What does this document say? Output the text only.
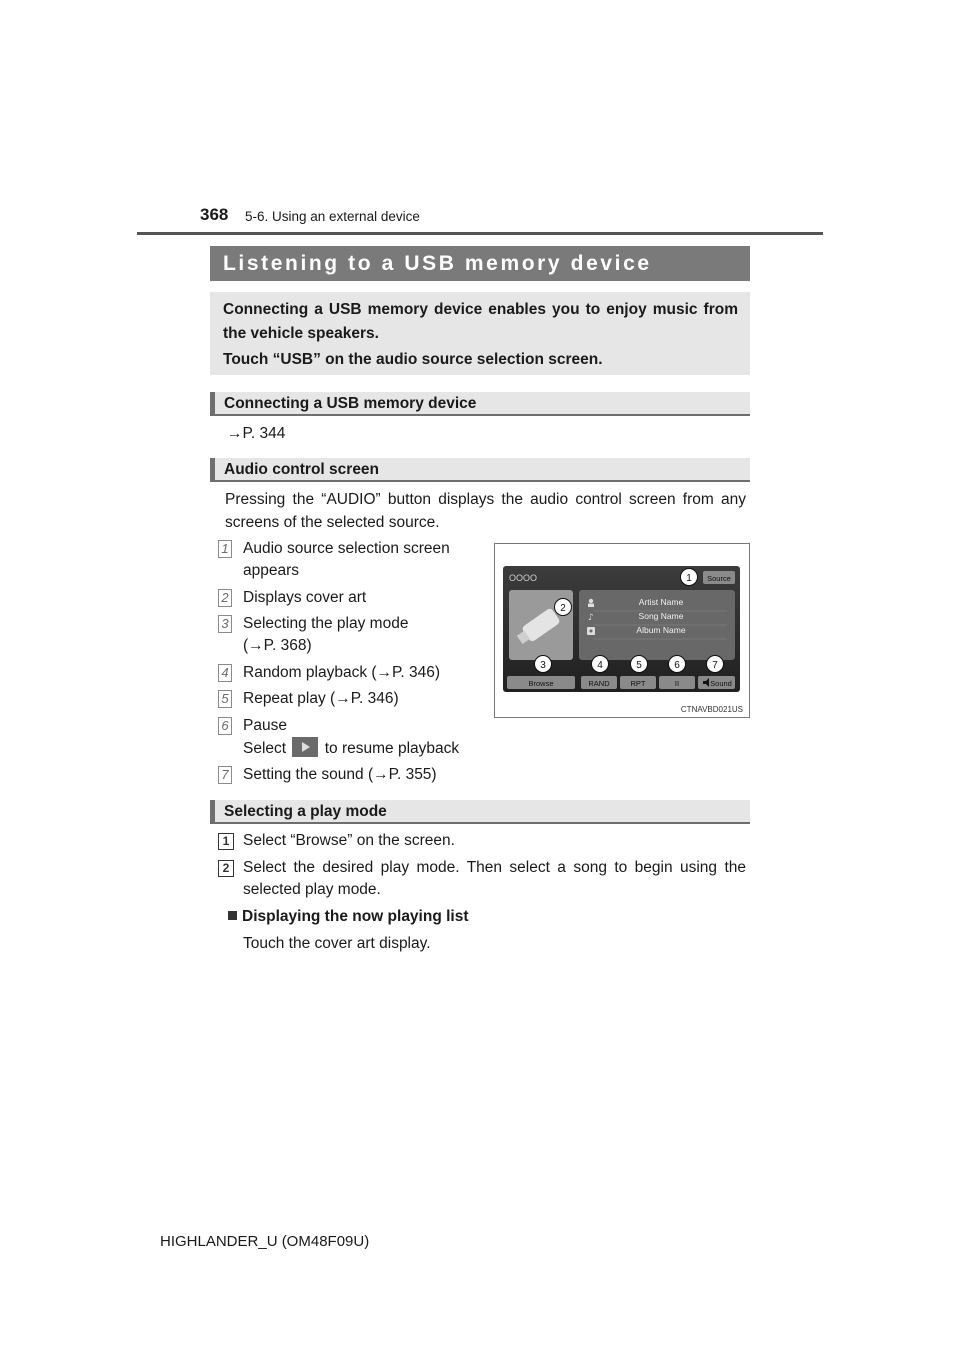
368 5-6. Using an external device
Listening to a USB memory device

Connecting a USB memory device enables you to enjoy music from the vehicle speakers.

Touch “USB” on the audio source selection screen.

Connecting a USB memory device
→P. 344
Audio control screen
Pressing the “AUDIO” button displays the audio control screen from any screens of the selected source.
1 Audio source selection screen
appears
2 Displays cover art
3 Selecting the play mode
(→P. 368)
4 Random playback (→P. 346)
5 Repeat play (→P. 346)
6 Pause
Select to resume playback
7 Setting the sound (→P. 355)
OOOO	Source
♪
Artist Name
Song Name
Album Name
Browse	RAND	RPT	II	Sound
1
2
3	4	5	6	7
CTNAVBD021US
Selecting a play mode
1 Select “Browse” on the screen.
2 Select the desired play mode. Then select a song to begin using the selected play mode.
Displaying the now playing list
Touch the cover art display.
HIGHLANDER_U (OM48F09U)
